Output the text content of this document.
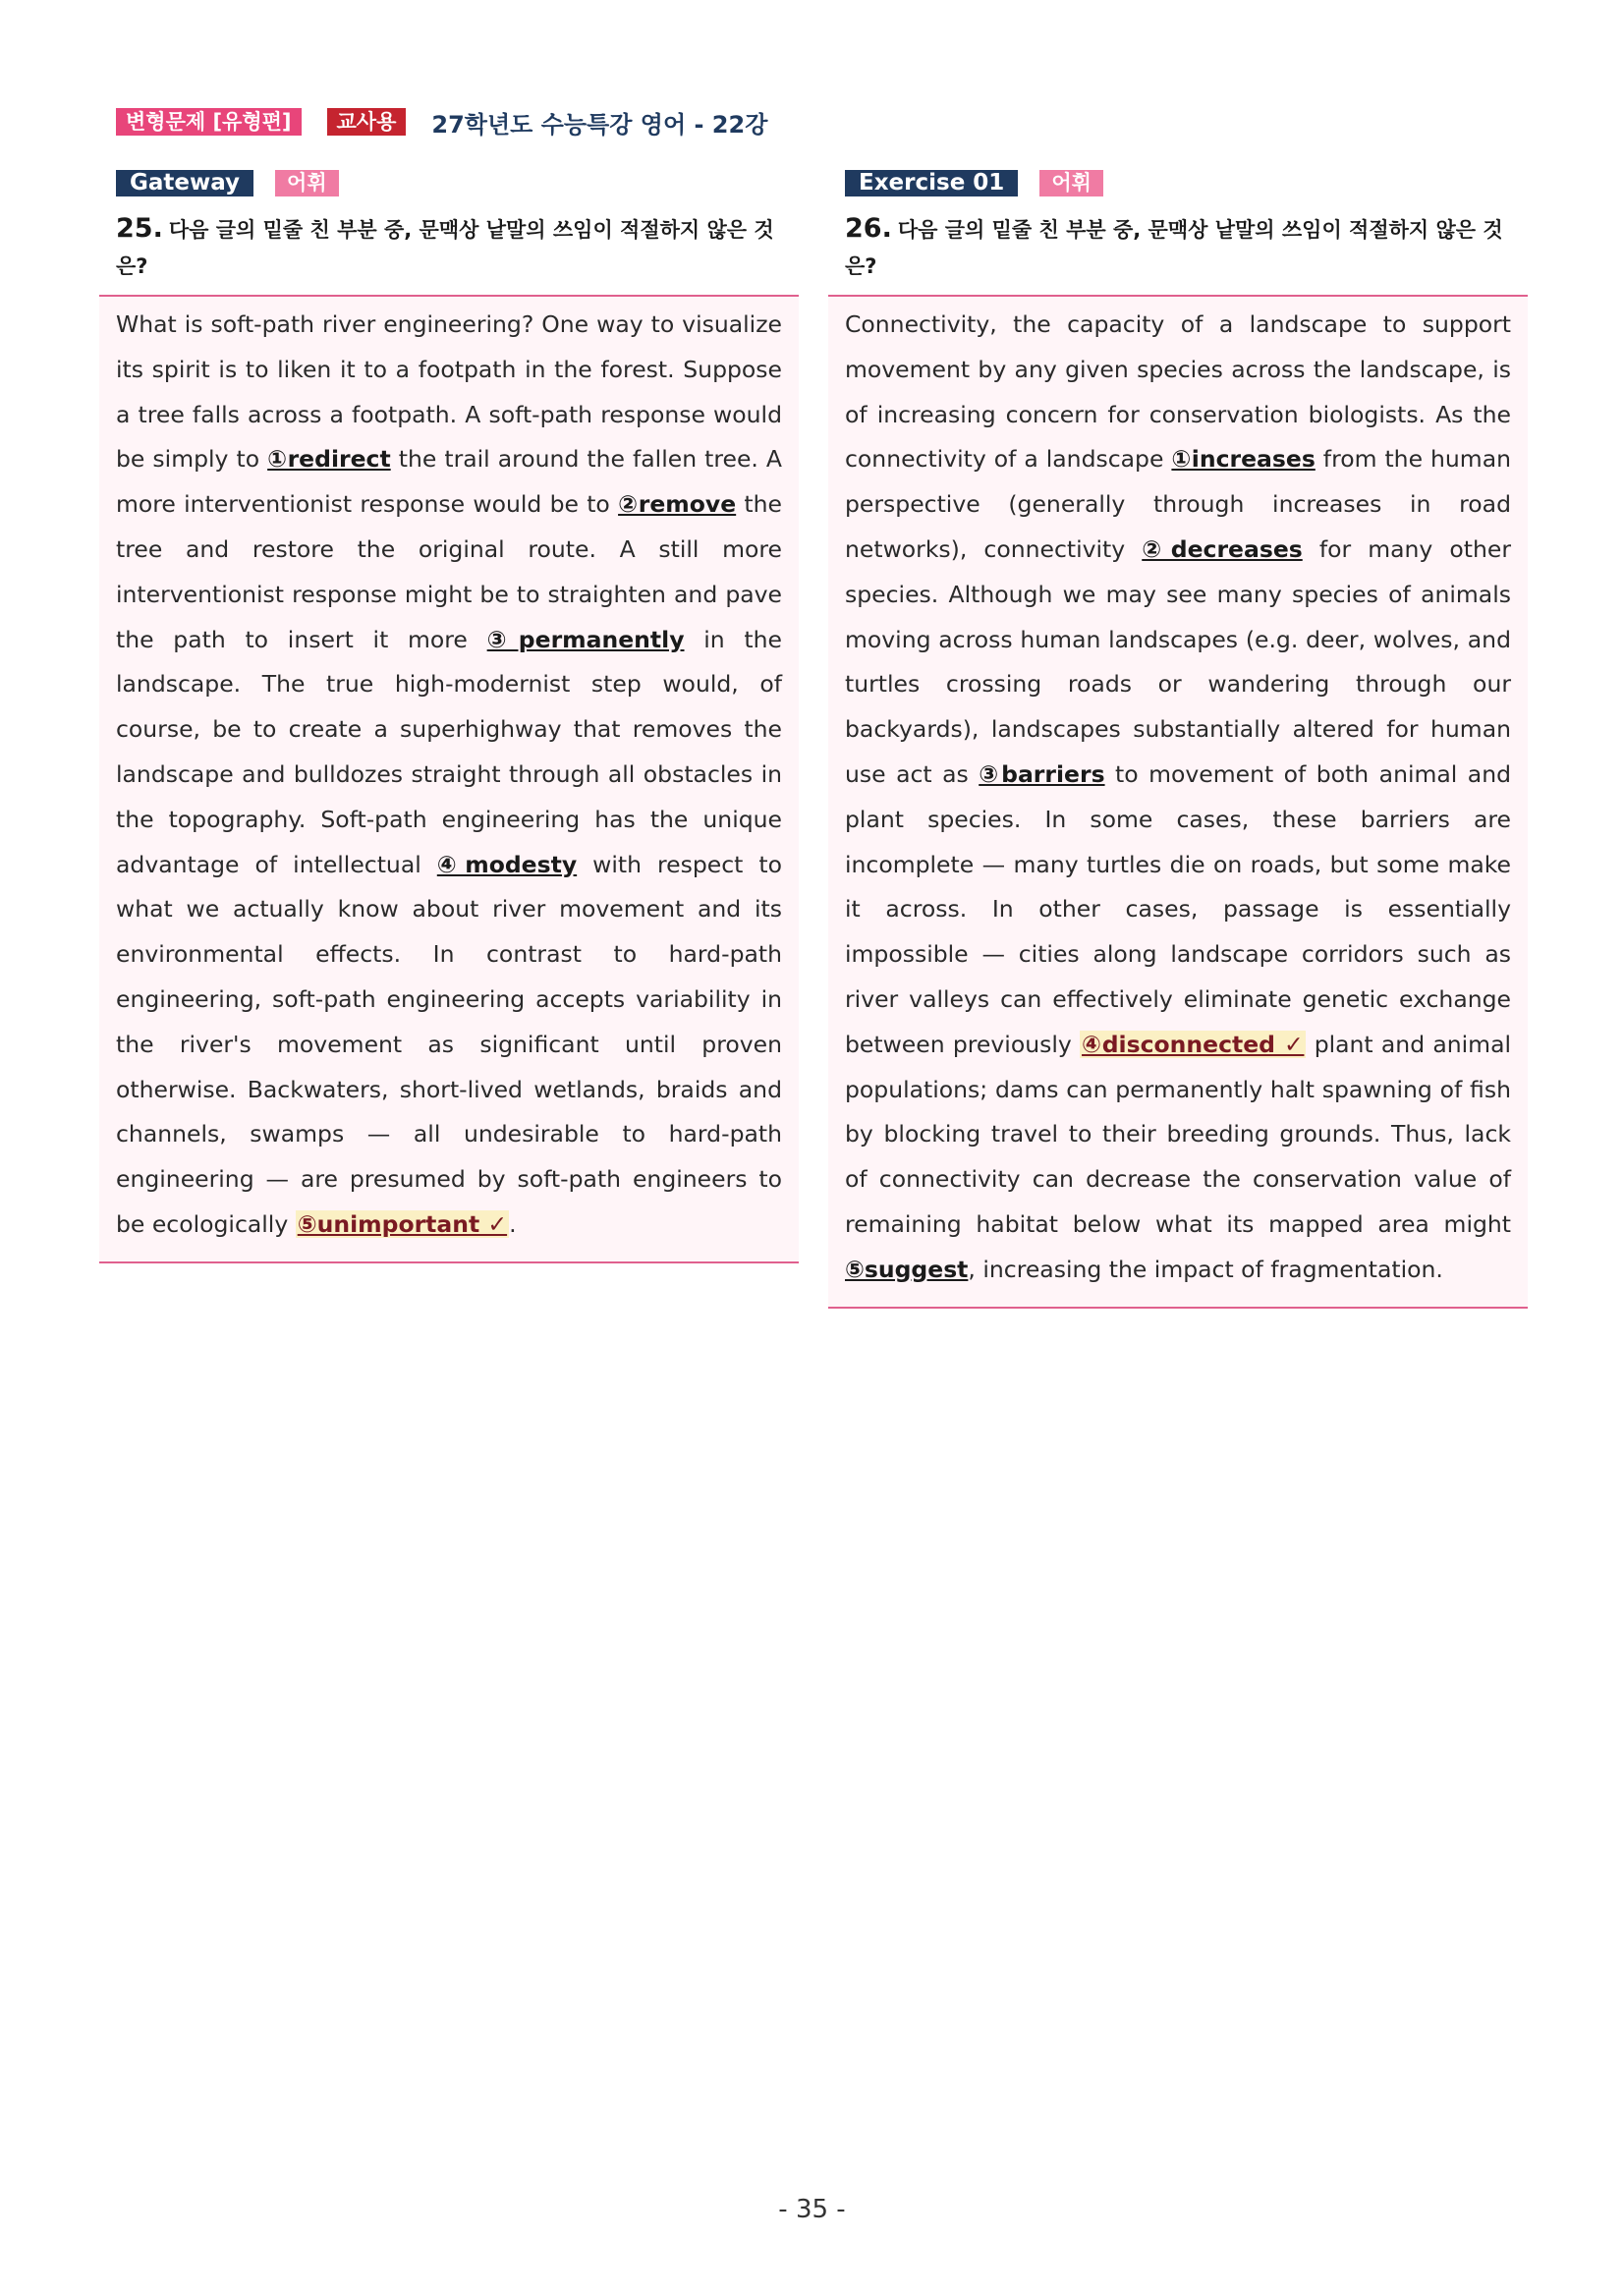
변형문제 [유형편]	교사용	27학년도 수능특강 영어 - 22강
Gateway	어휘
25. 다음 글의 밑줄 친 부분 중, 문맥상 낱말의 쓰임이 적절하지 않은 것은?
What is soft-path river engineering? One way to visualize its spirit is to liken it to a footpath in the forest. Suppose a tree falls across a footpath. A soft-path response would be simply to ①redirect the trail around the fallen tree. A more interventionist response would be to ②remove the tree and restore the original route. A still more interventionist response might be to straighten and pave the path to insert it more ③permanently in the landscape. The true high-modernist step would, of course, be to create a superhighway that removes the landscape and bulldozes straight through all obstacles in the topography. Soft-path engineering has the unique advantage of intellectual ④modesty with respect to what we actually know about river movement and its environmental effects. In contrast to hard-path engineering, soft-path engineering accepts variability in the river's movement as significant until proven otherwise. Backwaters, short-lived wetlands, braids and channels, swamps — all undesirable to hard-path engineering — are presumed by soft-path engineers to be ecologically ⑤unimportant ✓.
Exercise 01	어휘
26. 다음 글의 밑줄 친 부분 중, 문맥상 낱말의 쓰임이 적절하지 않은 것은?
Connectivity, the capacity of a landscape to support movement by any given species across the landscape, is of increasing concern for conservation biologists. As the connectivity of a landscape ①increases from the human perspective (generally through increases in road networks), connectivity ②decreases for many other species. Although we may see many species of animals moving across human landscapes (e.g. deer, wolves, and turtles crossing roads or wandering through our backyards), landscapes substantially altered for human use act as ③barriers to movement of both animal and plant species. In some cases, these barriers are incomplete — many turtles die on roads, but some make it across. In other cases, passage is essentially impossible — cities along landscape corridors such as river valleys can effectively eliminate genetic exchange between previously ④disconnected ✓ plant and animal populations; dams can permanently halt spawning of fish by blocking travel to their breeding grounds. Thus, lack of connectivity can decrease the conservation value of remaining habitat below what its mapped area might ⑤suggest, increasing the impact of fragmentation.
- 35 -
